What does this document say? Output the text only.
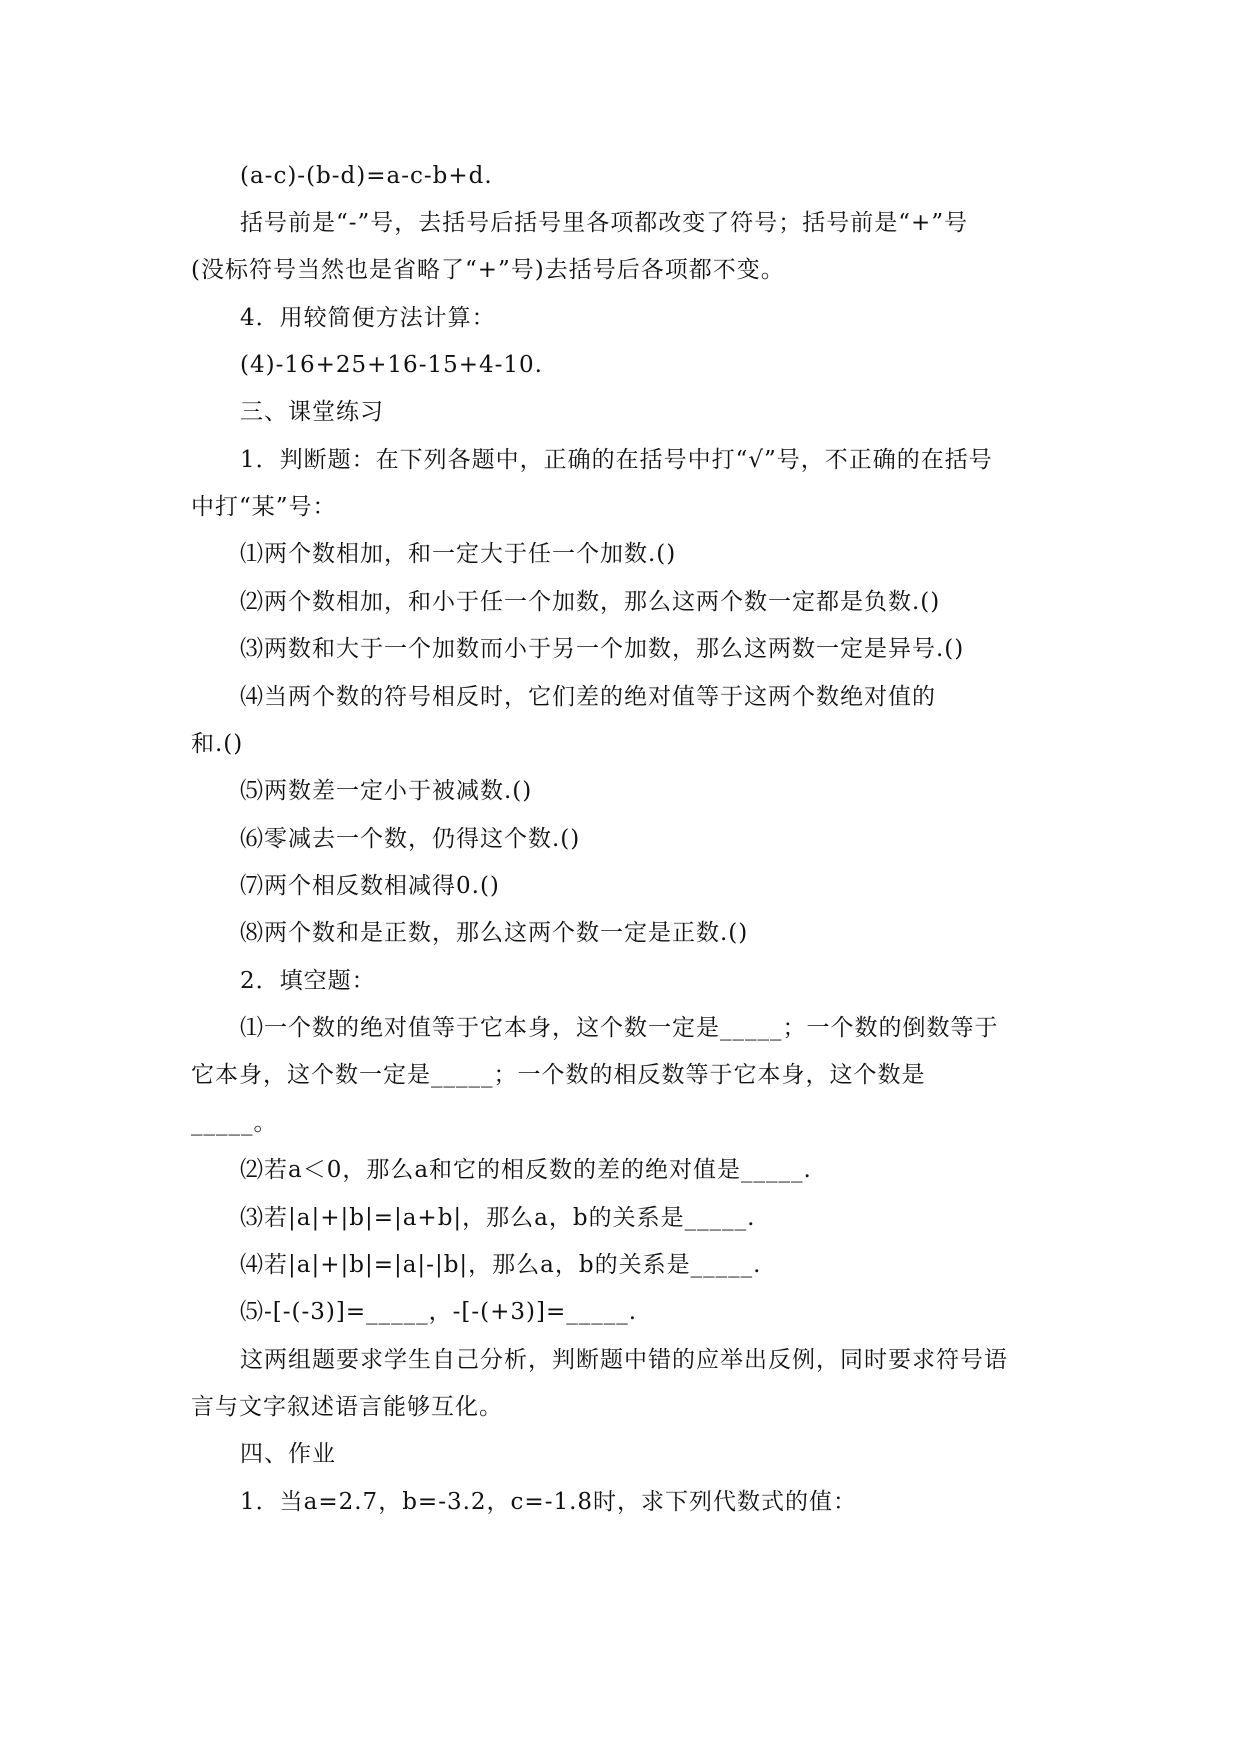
(a-c)-(b-d)=a-c-b+d.
括号前是“-”号，去括号后括号里各项都改变了符号；括号前是“+”号
(没标符号当然也是省略了“+”号)去括号后各项都不变。
4．用较简便方法计算：
(4)-16+25+16-15+4-10.
三、课堂练习
1．判断题：在下列各题中，正确的在括号中打“√”号，不正确的在括号
中打“某”号：
⑴两个数相加，和一定大于任一个加数.()
⑵两个数相加，和小于任一个加数，那么这两个数一定都是负数.()
⑶两数和大于一个加数而小于另一个加数，那么这两数一定是异号.()
⑷当两个数的符号相反时，它们差的绝对值等于这两个数绝对值的
和.()
⑸两数差一定小于被减数.()
⑹零减去一个数，仍得这个数.()
⑺两个相反数相减得0.()
⑻两个数和是正数，那么这两个数一定是正数.()
2．填空题：
⑴一个数的绝对值等于它本身，这个数一定是_____；一个数的倒数等于
它本身，这个数一定是_____；一个数的相反数等于它本身，这个数是
_____。
⑵若a＜0，那么a和它的相反数的差的绝对值是_____.
⑶若|a|+|b|=|a+b|，那么a，b的关系是_____.
⑷若|a|+|b|=|a|-|b|，那么a，b的关系是_____.
⑸-[-(-3)]=_____，-[-(+3)]=_____.
这两组题要求学生自己分析，判断题中错的应举出反例，同时要求符号语
言与文字叙述语言能够互化。
四、作业
1．当a=2.7，b=-3.2，c=-1.8时，求下列代数式的值：
